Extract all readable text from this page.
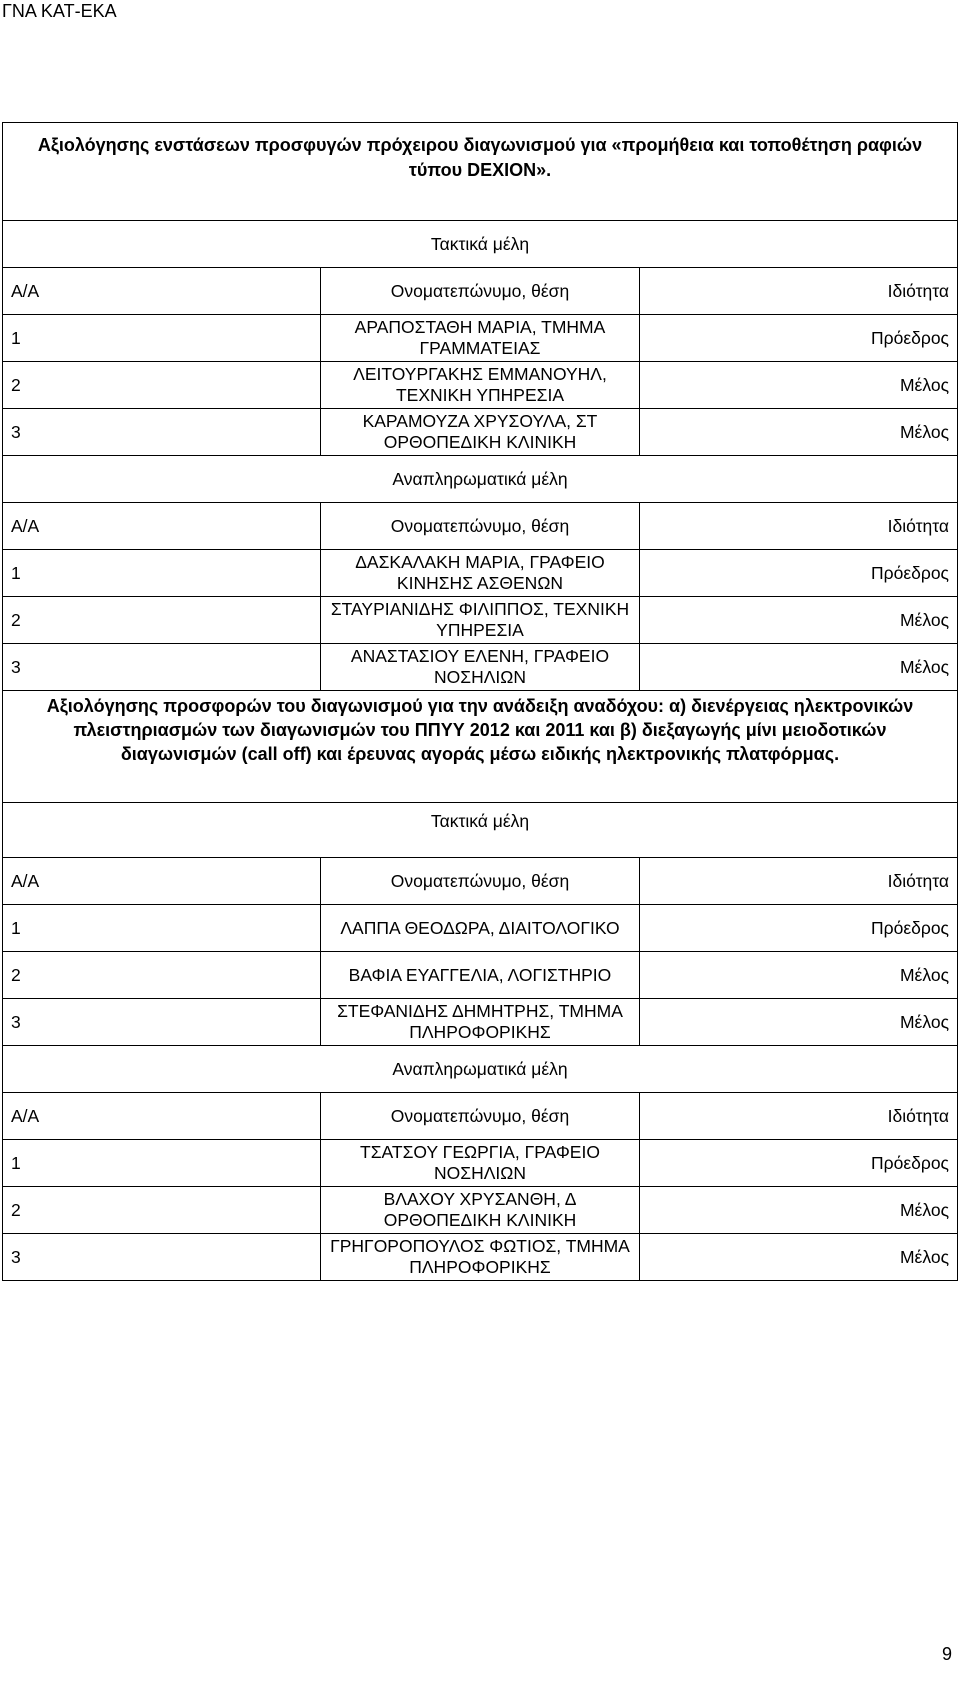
ΓΝΑ ΚΑΤ-ΕΚΑ
Αξιολόγησης ενστάσεων προσφυγών πρόχειρου διαγωνισμού για «προμήθεια και τοποθέτηση ραφιών τύπου DEXION».		
Τακτικά μέλη		
Α/Α	Ονοματεπώνυμο, θέση	Ιδιότητα
1	ΑΡΑΠΟΣΤΑΘΗ ΜΑΡΙΑ, ΤΜΗΜΑ ΓΡΑΜΜΑΤΕΙΑΣ	Πρόεδρος
2	ΛΕΙΤΟΥΡΓΑΚΗΣ ΕΜΜΑΝΟΥΗΛ, ΤΕΧΝΙΚΗ ΥΠΗΡΕΣΙΑ	Μέλος
3	ΚΑΡΑΜΟΥΖΑ ΧΡΥΣΟΥΛΑ, ΣΤ ΟΡΘΟΠΕΔΙΚΗ ΚΛΙΝΙΚΗ	Μέλος
Αναπληρωματικά μέλη		
Α/Α	Ονοματεπώνυμο, θέση	Ιδιότητα
1	ΔΑΣΚΑΛΑΚΗ ΜΑΡΙΑ, ΓΡΑΦΕΙΟ ΚΙΝΗΣΗΣ ΑΣΘΕΝΩΝ	Πρόεδρος
2	ΣΤΑΥΡΙΑΝΙΔΗΣ ΦΙΛΙΠΠΟΣ, ΤΕΧΝΙΚΗ ΥΠΗΡΕΣΙΑ	Μέλος
3	ΑΝΑΣΤΑΣΙΟΥ ΕΛΕΝΗ, ΓΡΑΦΕΙΟ ΝΟΣΗΛΙΩΝ	Μέλος
Αξιολόγησης προσφορών του διαγωνισμού για την ανάδειξη αναδόχου: α) διενέργειας ηλεκτρονικών πλειστηριασμών των διαγωνισμών του ΠΠΥΥ 2012 και 2011 και β) διεξαγωγής μίνι μειοδοτικών διαγωνισμών (call off) και έρευνας αγοράς μέσω ειδικής ηλεκτρονικής πλατφόρμας.		
Τακτικά μέλη		
Α/Α	Ονοματεπώνυμο, θέση	Ιδιότητα
1	ΛΑΠΠΑ ΘΕΟΔΩΡΑ, ΔΙΑΙΤΟΛΟΓΙΚΟ	Πρόεδρος
2	ΒΑΦΙΑ ΕΥΑΓΓΕΛΙΑ, ΛΟΓΙΣΤΗΡΙΟ	Μέλος
3	ΣΤΕΦΑΝΙΔΗΣ ΔΗΜΗΤΡΗΣ, ΤΜΗΜΑ ΠΛΗΡΟΦΟΡΙΚΗΣ	Μέλος
Αναπληρωματικά μέλη		
Α/Α	Ονοματεπώνυμο, θέση	Ιδιότητα
1	ΤΣΑΤΣΟΥ ΓΕΩΡΓΙΑ, ΓΡΑΦΕΙΟ ΝΟΣΗΛΙΩΝ	Πρόεδρος
2	ΒΛΑΧΟΥ ΧΡΥΣΑΝΘΗ, Δ ΟΡΘΟΠΕΔΙΚΗ ΚΛΙΝΙΚΗ	Μέλος
3	ΓΡΗΓΟΡΟΠΟΥΛΟΣ ΦΩΤΙΟΣ, ΤΜΗΜΑ ΠΛΗΡΟΦΟΡΙΚΗΣ	Μέλος
9
